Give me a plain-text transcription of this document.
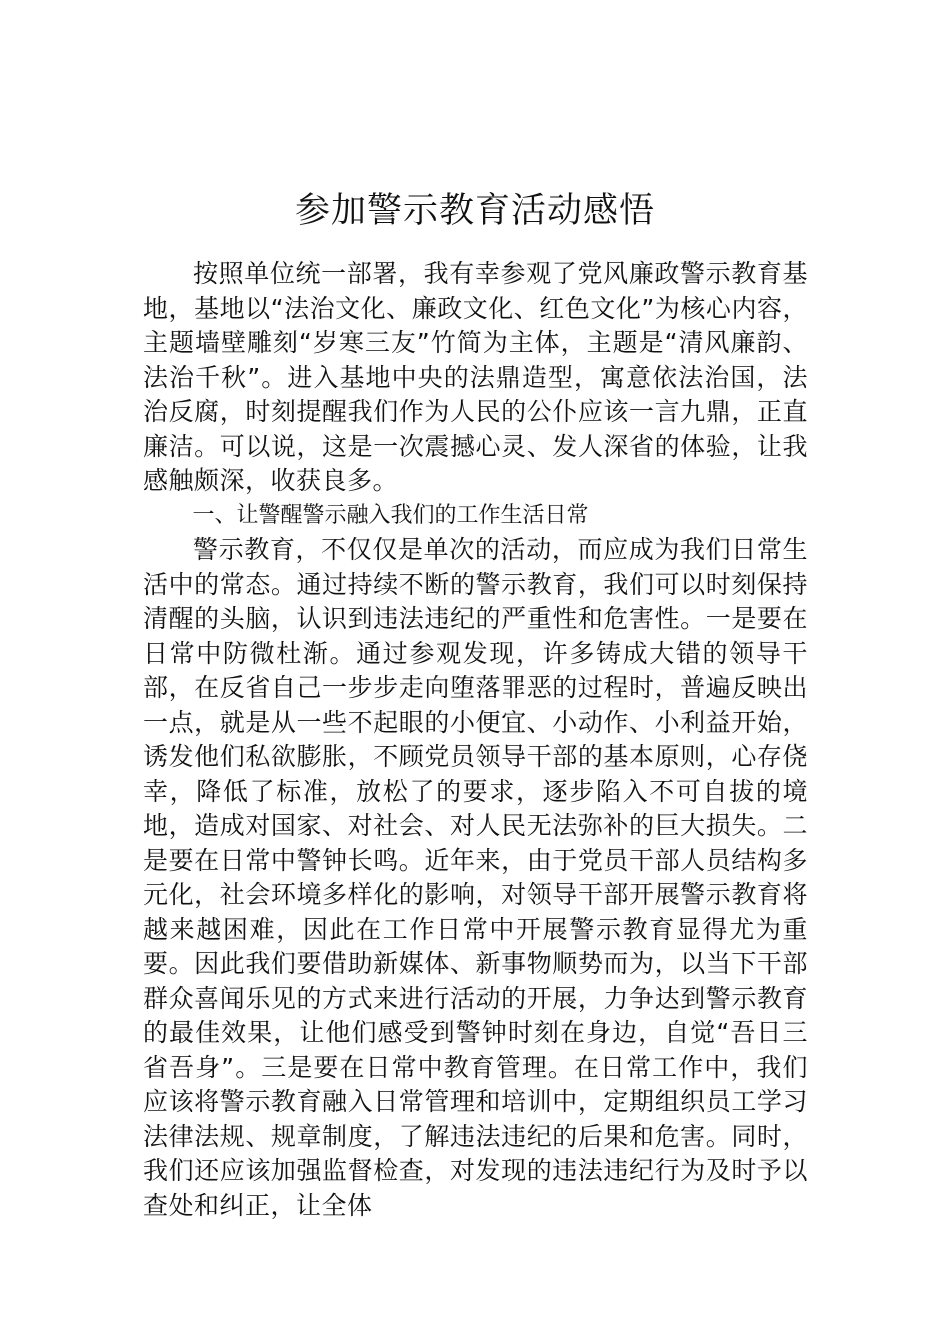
参加警示教育活动感悟

按照单位统一部署，我有幸参观了党风廉政警示教育基地，基地以“法治文化、廉政文化、红色文化”为核心内容，主题墙壁雕刻“岁寒三友”竹简为主体，主题是“清风廉韵、法治千秋”。进入基地中央的法鼎造型，寓意依法治国，法治反腐，时刻提醒我们作为人民的公仆应该一言九鼎，正直廉洁。可以说，这是一次震撼心灵、发人深省的体验，让我感触颇深，收获良多。

一、让警醒警示融入我们的工作生活日常

警示教育，不仅仅是单次的活动，而应成为我们日常生活中的常态。通过持续不断的警示教育，我们可以时刻保持清醒的头脑，认识到违法违纪的严重性和危害性。一是要在日常中防微杜渐。通过参观发现，许多铸成大错的领导干部，在反省自己一步步走向堕落罪恶的过程时，普遍反映出一点，就是从一些不起眼的小便宜、小动作、小利益开始，诱发他们私欲膨胀，不顾党员领导干部的基本原则，心存侥幸，降低了标准，放松了的要求，逐步陷入不可自拔的境地，造成对国家、对社会、对人民无法弥补的巨大损失。二是要在日常中警钟长鸣。近年来，由于党员干部人员结构多元化，社会环境多样化的影响，对领导干部开展警示教育将越来越困难，因此在工作日常中开展警示教育显得尤为重要。因此我们要借助新媒体、新事物顺势而为，以当下干部群众喜闻乐见的方式来进行活动的开展，力争达到警示教育的最佳效果，让他们感受到警钟时刻在身边，自觉“吾日三省吾身”。三是要在日常中教育管理。在日常工作中，我们应该将警示教育融入日常管理和培训中，定期组织员工学习法律法规、规章制度，了解违法违纪的后果和危害。同时，我们还应该加强监督检查，对发现的违法违纪行为及时予以查处和纠正，让全体
